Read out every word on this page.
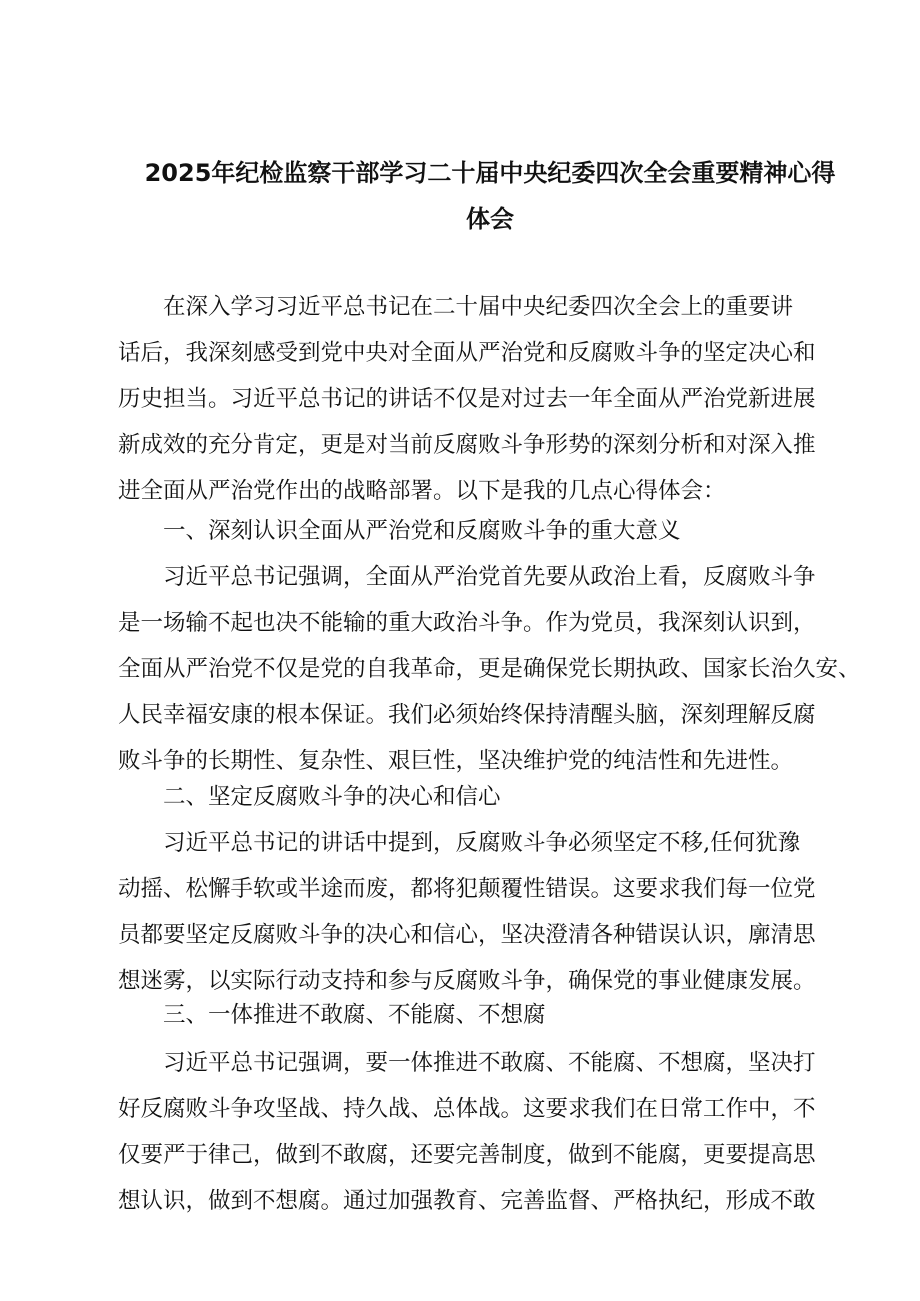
2025年纪检监察干部学习二十届中央纪委四次全会重要精神心得
体会
在深入学习习近平总书记在二十届中央纪委四次全会上的重要讲
话后，我深刻感受到党中央对全面从严治党和反腐败斗争的坚定决心和
历史担当。习近平总书记的讲话不仅是对过去一年全面从严治党新进展
新成效的充分肯定，更是对当前反腐败斗争形势的深刻分析和对深入推
进全面从严治党作出的战略部署。以下是我的几点心得体会：
一、深刻认识全面从严治党和反腐败斗争的重大意义
习近平总书记强调，全面从严治党首先要从政治上看，反腐败斗争
是一场输不起也决不能输的重大政治斗争。作为党员，我深刻认识到，
全面从严治党不仅是党的自我革命，更是确保党长期执政、国家长治久安、
人民幸福安康的根本保证。我们必须始终保持清醒头脑，深刻理解反腐
败斗争的长期性、复杂性、艰巨性，坚决维护党的纯洁性和先进性。
二、坚定反腐败斗争的决心和信心
习近平总书记的讲话中提到，反腐败斗争必须坚定不移,任何犹豫
动摇、松懈手软或半途而废，都将犯颠覆性错误。这要求我们每一位党
员都要坚定反腐败斗争的决心和信心，坚决澄清各种错误认识，廓清思
想迷雾，以实际行动支持和参与反腐败斗争，确保党的事业健康发展。
三、一体推进不敢腐、不能腐、不想腐
习近平总书记强调，要一体推进不敢腐、不能腐、不想腐，坚决打
好反腐败斗争攻坚战、持久战、总体战。这要求我们在日常工作中，不
仅要严于律己，做到不敢腐，还要完善制度，做到不能腐，更要提高思
想认识，做到不想腐。通过加强教育、完善监督、严格执纪，形成不敢
